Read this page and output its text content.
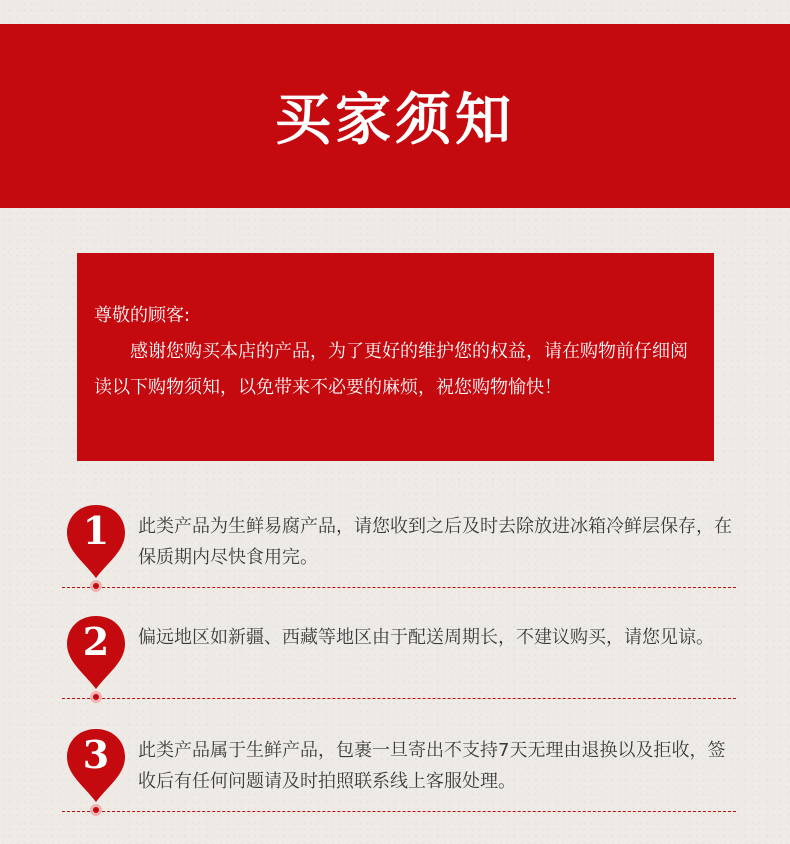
买家须知

尊敬的顾客:

感谢您购买本店的产品，为了更好的维护您的权益，请在购物前仔细阅读以下购物须知，以免带来不必要的麻烦，祝您购物愉快！

1	此类产品为生鲜易腐产品，请您收到之后及时去除放进冰箱冷鲜层保存，在保质期内尽快食用完。
2	偏远地区如新疆、西藏等地区由于配送周期长，不建议购买，请您见谅。
3	此类产品属于生鲜产品，包裹一旦寄出不支持7天无理由退换以及拒收，签收后有任何问题请及时拍照联系线上客服处理。
